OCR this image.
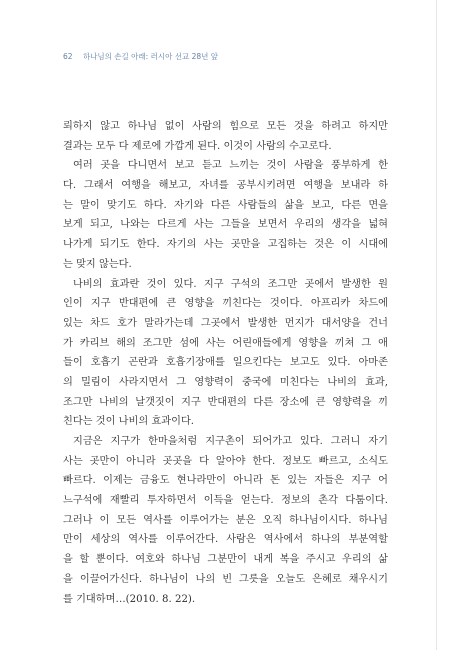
62 하나님의 손길 아래: 러시아 선교 28년 앞
뢰하지 않고 하나님 없이 사람의 힘으로 모든 것을 하려고 하지만
결과는 모두 다 제로에 가깝게 된다. 이것이 사람의 수고로다.
여러 곳을 다니면서 보고 듣고 느끼는 것이 사람을 풍부하게 한
다. 그래서 여행을 해보고, 자녀를 공부시키려면 여행을 보내라 하
는 말이 맞기도 하다. 자기와 다른 사람들의 삶을 보고, 다른 면을
보게 되고, 나와는 다르게 사는 그들을 보면서 우리의 생각을 넓혀
나가게 되기도 한다. 자기의 사는 곳만을 고집하는 것은 이 시대에
는 맞지 않는다.
나비의 효과란 것이 있다. 지구 구석의 조그만 곳에서 발생한 원
인이 지구 반대편에 큰 영향을 끼친다는 것이다. 아프리카 차드에
있는 차드 호가 말라가는데 그곳에서 발생한 먼지가 대서양을 건너
가 카리브 해의 조그만 섬에 사는 어린애들에게 영향을 끼쳐 그 애
들이 호흡기 곤란과 호흡기장애를 일으킨다는 보고도 있다. 아마존
의 밀림이 사라지면서 그 영향력이 중국에 미친다는 나비의 효과,
조그만 나비의 날갯짓이 지구 반대편의 다른 장소에 큰 영향력을 끼
친다는 것이 나비의 효과이다.
지금은 지구가 한마을처럼 지구촌이 되어가고 있다. 그러니 자기
사는 곳만이 아니라 곳곳을 다 알아야 한다. 정보도 빠르고, 소식도
빠르다. 이제는 금융도 현나라만이 아니라 돈 있는 자들은 지구 어
느구석에 재빨리 투자하면서 이득을 얻는다. 정보의 촌각 다툼이다.
그러나 이 모든 역사를 이루어가는 분은 오직 하나님이시다. 하나님
만이 세상의 역사를 이루어간다. 사람은 역사에서 하나의 부분역할
을 할 뿐이다. 여호와 하나님 그분만이 내게 복을 주시고 우리의 삶
을 이끌어가신다. 하나님이 나의 빈 그릇을 오늘도 은혜로 채우시기
를 기대하며…(2010. 8. 22).
